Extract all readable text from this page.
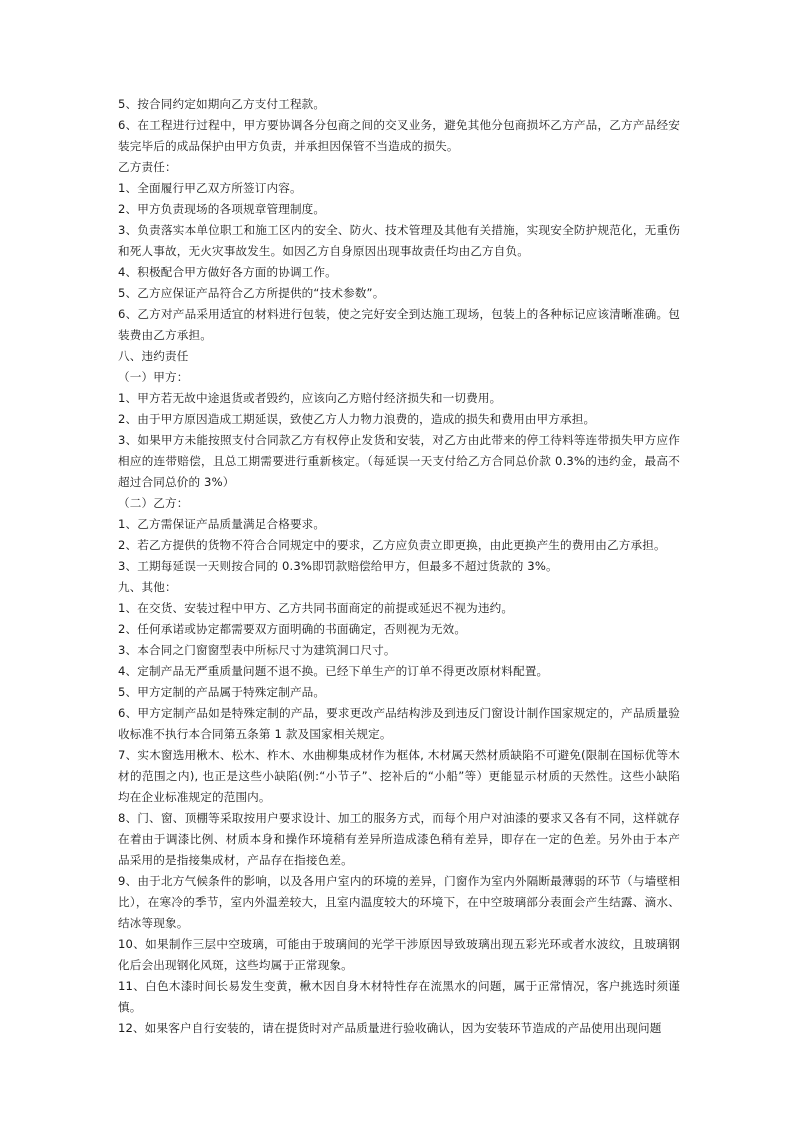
5、按合同约定如期向乙方支付工程款。

6、在工程进行过程中，甲方要协调各分包商之间的交叉业务，避免其他分包商损坏乙方产品，乙方产品经安装完毕后的成品保护由甲方负责，并承担因保管不当造成的损失。

乙方责任：

1、全面履行甲乙双方所签订内容。

2、甲方负责现场的各项规章管理制度。

3、负责落实本单位职工和施工区内的安全、防火、技术管理及其他有关措施，实现安全防护规范化，无重伤和死人事故，无火灾事故发生。如因乙方自身原因出现事故责任均由乙方自负。

4、积极配合甲方做好各方面的协调工作。

5、乙方应保证产品符合乙方所提供的“技术参数”。

6、乙方对产品采用适宜的材料进行包装，使之完好安全到达施工现场，包装上的各种标记应该清晰准确。包装费由乙方承担。

八、违约责任

（一）甲方：

1、甲方若无故中途退货或者毁约，应该向乙方赔付经济损失和一切费用。

2、由于甲方原因造成工期延误，致使乙方人力物力浪费的，造成的损失和费用由甲方承担。

3、如果甲方未能按照支付合同款乙方有权停止发货和安装，对乙方由此带来的停工待料等连带损失甲方应作相应的连带赔偿，且总工期需要进行重新核定。（每延误一天支付给乙方合同总价款 0.3%的违约金，最高不超过合同总价的 3%）

（二）乙方：

1、乙方需保证产品质量满足合格要求。

2、若乙方提供的货物不符合合同规定中的要求，乙方应负责立即更换，由此更换产生的费用由乙方承担。

3、工期每延误一天则按合同的 0.3%即罚款赔偿给甲方，但最多不超过货款的 3%。

九、其他：

1、在交货、安装过程中甲方、乙方共同书面商定的前提或延迟不视为违约。

2、任何承诺或协定都需要双方面明确的书面确定，否则视为无效。

3、本合同之门窗窗型表中所标尺寸为建筑洞口尺寸。

4、定制产品无严重质量问题不退不换。已经下单生产的订单不得更改原材料配置。

5、甲方定制的产品属于特殊定制产品。

6、甲方定制产品如是特殊定制的产品，要求更改产品结构涉及到违反门窗设计制作国家规定的，产品质量验收标准不执行本合同第五条第 1 款及国家相关规定。

7、实木窗选用楸木、松木、柞木、水曲柳集成材作为框体, 木材属天然材质缺陷不可避免(限制在国标优等木材的范围之内), 也正是这些小缺陷(例:“小节子”、挖补后的“小船”等）更能显示材质的天然性。这些小缺陷均在企业标准规定的范围内。

8、门、窗、顶棚等采取按用户要求设计、加工的服务方式，而每个用户对油漆的要求又各有不同，这样就存在着由于调漆比例、材质本身和操作环境稍有差异所造成漆色稍有差异，即存在一定的色差。另外由于本产品采用的是指接集成材，产品存在指接色差。

9、由于北方气候条件的影响，以及各用户室内的环境的差异，门窗作为室内外隔断最薄弱的环节（与墙壁相比），在寒冷的季节，室内外温差较大，且室内温度较大的环境下，在中空玻璃部分表面会产生结露、滴水、结冰等现象。

10、如果制作三层中空玻璃，可能由于玻璃间的光学干涉原因导致玻璃出现五彩光环或者水波纹，且玻璃钢化后会出现钢化风斑，这些均属于正常现象。

11、白色木漆时间长易发生变黄，楸木因自身木材特性存在流黑水的问题，属于正常情况，客户挑选时须谨慎。

12、如果客户自行安装的，请在提货时对产品质量进行验收确认，因为安装环节造成的产品使用出现问题
